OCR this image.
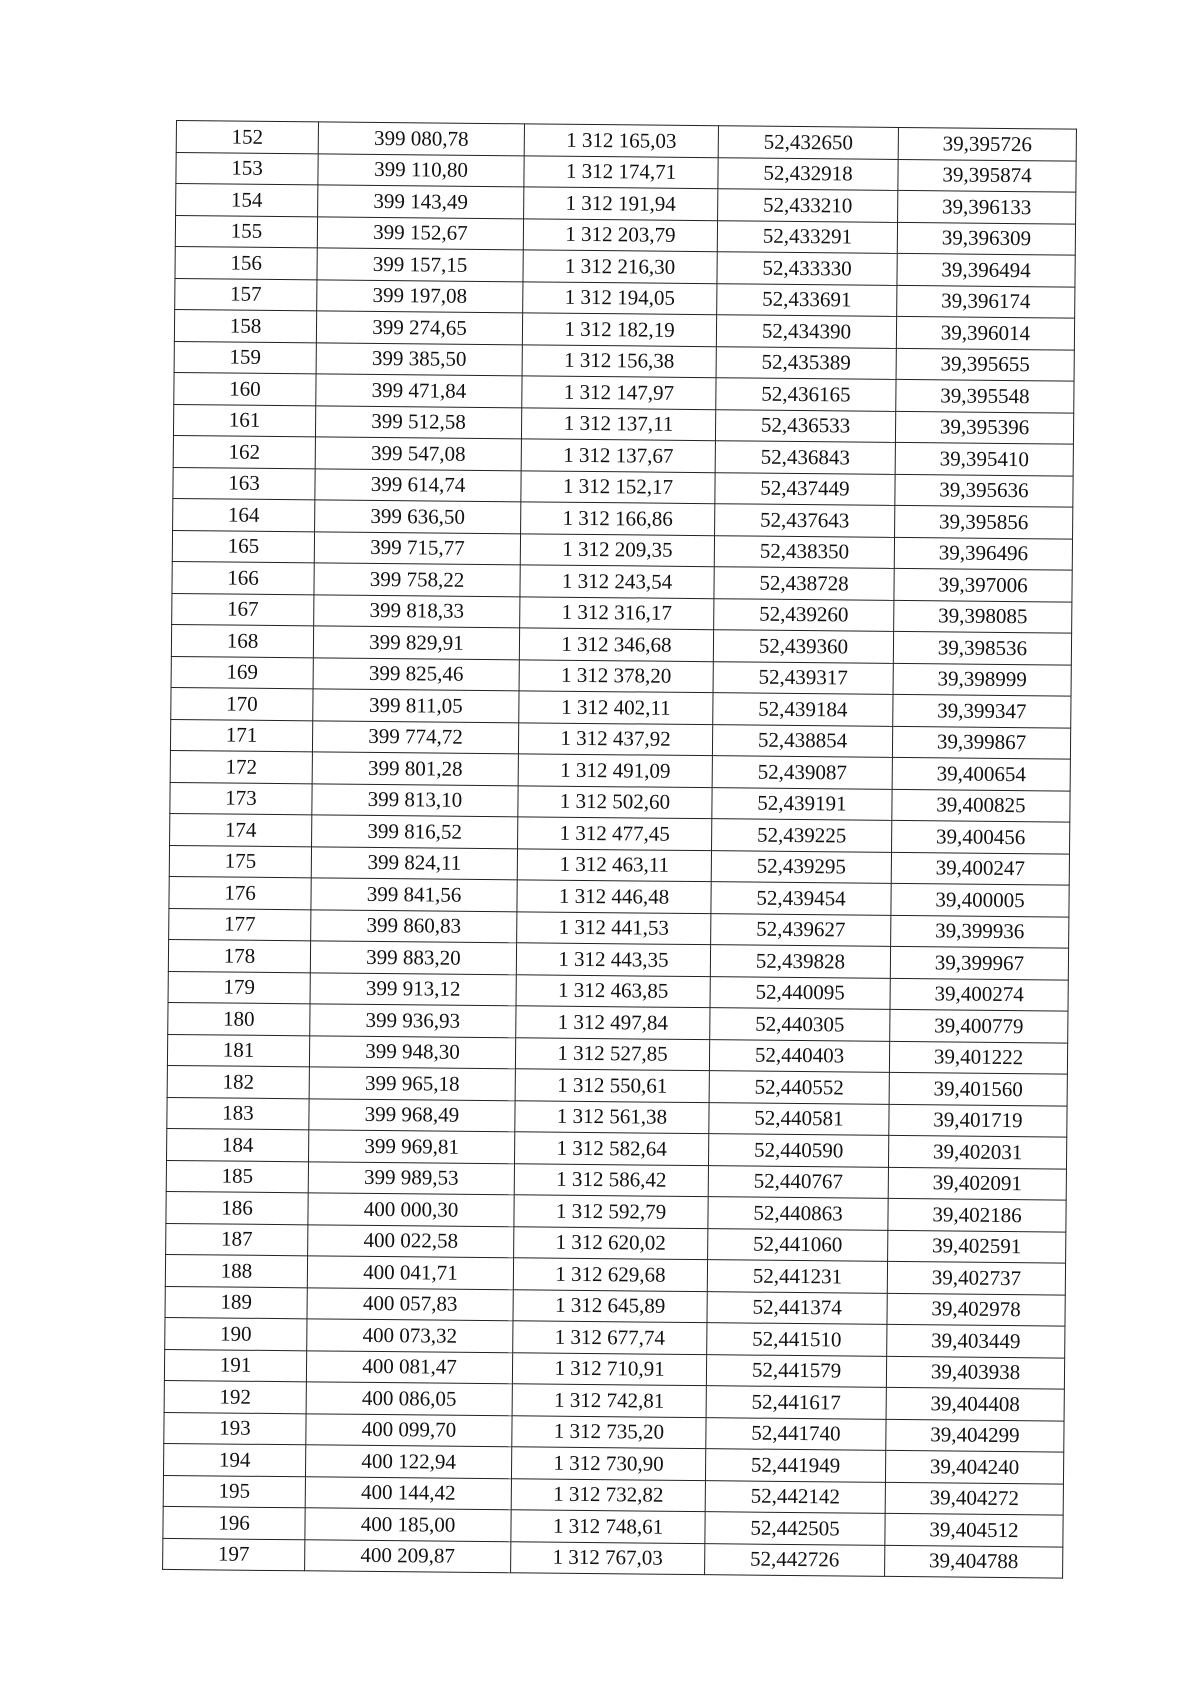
152	399 080,78	1 312 165,03	52,432650	39,395726
153	399 110,80	1 312 174,71	52,432918	39,395874
154	399 143,49	1 312 191,94	52,433210	39,396133
155	399 152,67	1 312 203,79	52,433291	39,396309
156	399 157,15	1 312 216,30	52,433330	39,396494
157	399 197,08	1 312 194,05	52,433691	39,396174
158	399 274,65	1 312 182,19	52,434390	39,396014
159	399 385,50	1 312 156,38	52,435389	39,395655
160	399 471,84	1 312 147,97	52,436165	39,395548
161	399 512,58	1 312 137,11	52,436533	39,395396
162	399 547,08	1 312 137,67	52,436843	39,395410
163	399 614,74	1 312 152,17	52,437449	39,395636
164	399 636,50	1 312 166,86	52,437643	39,395856
165	399 715,77	1 312 209,35	52,438350	39,396496
166	399 758,22	1 312 243,54	52,438728	39,397006
167	399 818,33	1 312 316,17	52,439260	39,398085
168	399 829,91	1 312 346,68	52,439360	39,398536
169	399 825,46	1 312 378,20	52,439317	39,398999
170	399 811,05	1 312 402,11	52,439184	39,399347
171	399 774,72	1 312 437,92	52,438854	39,399867
172	399 801,28	1 312 491,09	52,439087	39,400654
173	399 813,10	1 312 502,60	52,439191	39,400825
174	399 816,52	1 312 477,45	52,439225	39,400456
175	399 824,11	1 312 463,11	52,439295	39,400247
176	399 841,56	1 312 446,48	52,439454	39,400005
177	399 860,83	1 312 441,53	52,439627	39,399936
178	399 883,20	1 312 443,35	52,439828	39,399967
179	399 913,12	1 312 463,85	52,440095	39,400274
180	399 936,93	1 312 497,84	52,440305	39,400779
181	399 948,30	1 312 527,85	52,440403	39,401222
182	399 965,18	1 312 550,61	52,440552	39,401560
183	399 968,49	1 312 561,38	52,440581	39,401719
184	399 969,81	1 312 582,64	52,440590	39,402031
185	399 989,53	1 312 586,42	52,440767	39,402091
186	400 000,30	1 312 592,79	52,440863	39,402186
187	400 022,58	1 312 620,02	52,441060	39,402591
188	400 041,71	1 312 629,68	52,441231	39,402737
189	400 057,83	1 312 645,89	52,441374	39,402978
190	400 073,32	1 312 677,74	52,441510	39,403449
191	400 081,47	1 312 710,91	52,441579	39,403938
192	400 086,05	1 312 742,81	52,441617	39,404408
193	400 099,70	1 312 735,20	52,441740	39,404299
194	400 122,94	1 312 730,90	52,441949	39,404240
195	400 144,42	1 312 732,82	52,442142	39,404272
196	400 185,00	1 312 748,61	52,442505	39,404512
197	400 209,87	1 312 767,03	52,442726	39,404788
